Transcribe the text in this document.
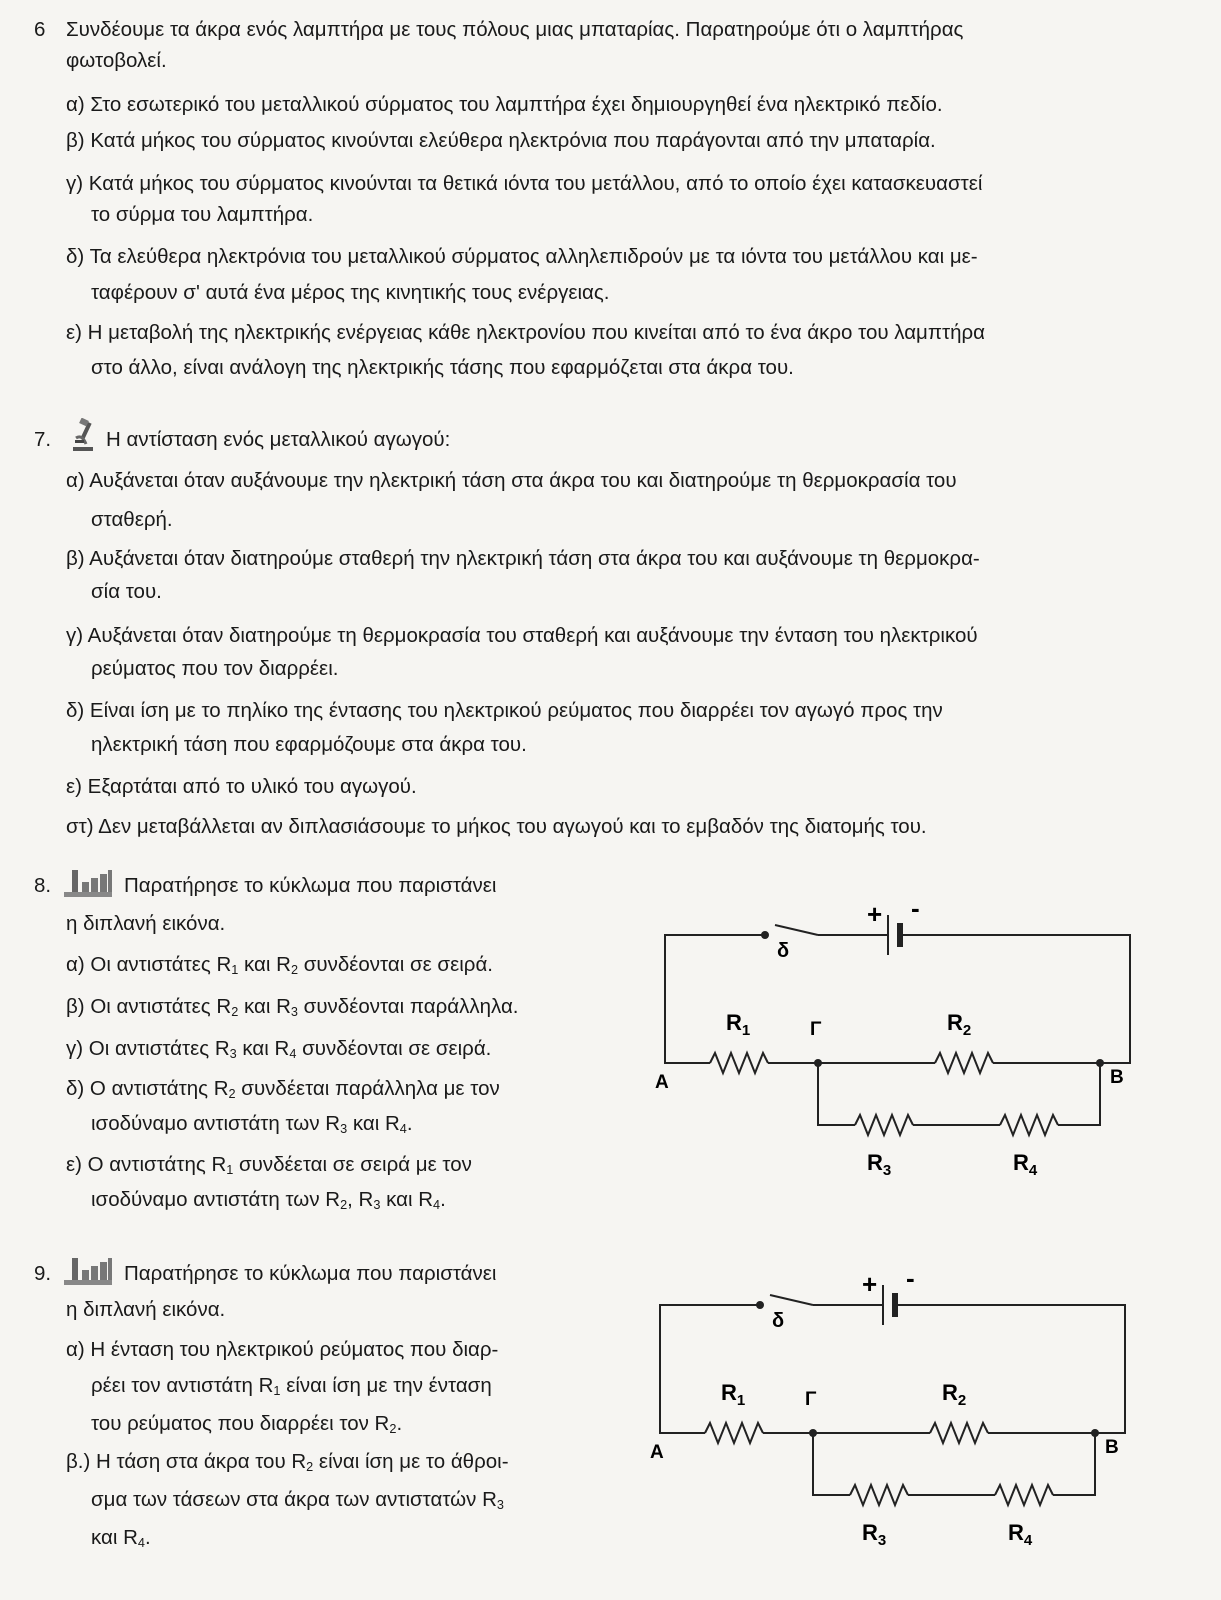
6 Συνδέουμε τα άκρα ενός λαμπτήρα με τους πόλους μιας μπαταρίας. Παρατηρούμε ότι ο λαμπτήρας
φωτοβολεί.
α) Στο εσωτερικό του μεταλλικού σύρματος του λαμπτήρα έχει δημιουργηθεί ένα ηλεκτρικό πεδίο.
β) Κατά μήκος του σύρματος κινούνται ελεύθερα ηλεκτρόνια που παράγονται από την μπαταρία.
γ) Κατά μήκος του σύρματος κινούνται τα θετικά ιόντα του μετάλλου, από το οποίο έχει κατασκευαστεί
το σύρμα του λαμπτήρα.
δ) Τα ελεύθερα ηλεκτρόνια του μεταλλικού σύρματος αλληλεπιδρούν με τα ιόντα του μετάλλου και με-
ταφέρουν σ' αυτά ένα μέρος της κινητικής τους ενέργειας.
ε) Η μεταβολή της ηλεκτρικής ενέργειας κάθε ηλεκτρονίου που κινείται από το ένα άκρο του λαμπτήρα
στο άλλο, είναι ανάλογη της ηλεκτρικής τάσης που εφαρμόζεται στα άκρα του.
7.	Η αντίσταση ενός μεταλλικού αγωγού:
α) Αυξάνεται όταν αυξάνουμε την ηλεκτρική τάση στα άκρα του και διατηρούμε τη θερμοκρασία του
σταθερή.
β) Αυξάνεται όταν διατηρούμε σταθερή την ηλεκτρική τάση στα άκρα του και αυξάνουμε τη θερμοκρα-
σία του.
γ) Αυξάνεται όταν διατηρούμε τη θερμοκρασία του σταθερή και αυξάνουμε την ένταση του ηλεκτρικού
ρεύματος που τον διαρρέει.
δ) Είναι ίση με το πηλίκο της έντασης του ηλεκτρικού ρεύματος που διαρρέει τον αγωγό προς την
ηλεκτρική τάση που εφαρμόζουμε στα άκρα του.
ε) Εξαρτάται από το υλικό του αγωγού.
στ) Δεν μεταβάλλεται αν διπλασιάσουμε το μήκος του αγωγού και το εμβαδόν της διατομής του.
8.	Παρατήρησε το κύκλωμα που παριστάνει
η διπλανή εικόνα.
α) Οι αντιστάτες $R_1$ και $R_2$ συνδέονται σε σειρά.
β) Οι αντιστάτες $R_2$ και $R_3$ συνδέονται παράλληλα.
γ) Οι αντιστάτες $R_3$ και $R_4$ συνδέονται σε σειρά.
δ) Ο αντιστάτης $R_2$ συνδέεται παράλληλα με τον
ισοδύναμο αντιστάτη των $R_3$ και $R_4$.
ε) Ο αντιστάτης $R_1$ συνδέεται σε σειρά με τον
ισοδύναμο αντιστάτη των $R_2$, $R_3$ και $R_4$.
+ -
δ
$R_1$	Γ	$R_2$
Α	Β
$R_3$	$R_4$
9.	Παρατήρησε το κύκλωμα που παριστάνει
η διπλανή εικόνα.
α) Η ένταση του ηλεκτρικού ρεύματος που διαρ-
ρέει τον αντιστάτη $R_1$ είναι ίση με την ένταση
του ρεύματος που διαρρέει τον $R_2$.
β.) Η τάση στα άκρα του $R_2$ είναι ίση με το άθροι-
σμα των τάσεων στα άκρα των αντιστατών $R_3$
και $R_4$.
+ -
δ
$R_1$	Γ	$R_2$
Α	Β
$R_3$	$R_4$
